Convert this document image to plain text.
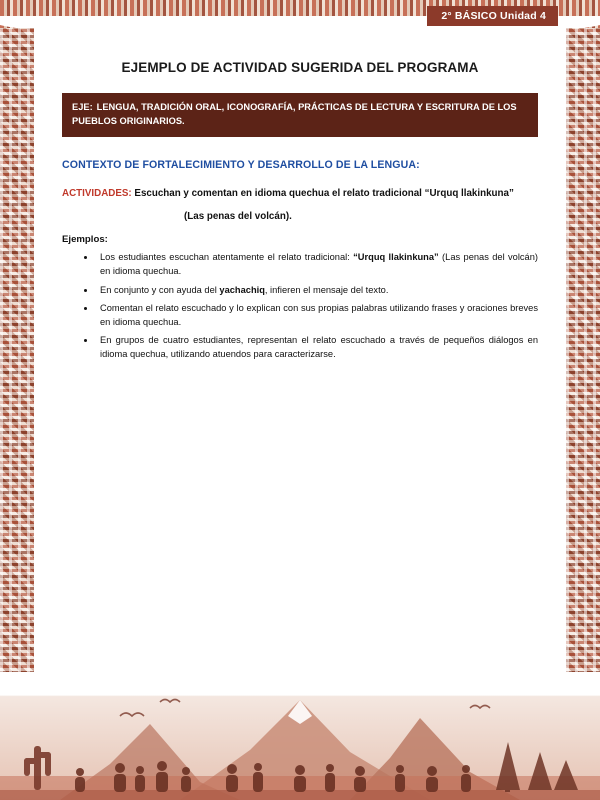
2° BÁSICO Unidad 4
EJEMPLO DE ACTIVIDAD SUGERIDA DEL PROGRAMA
EJE: LENGUA, TRADICIÓN ORAL, ICONOGRAFÍA, PRÁCTICAS DE LECTURA Y ESCRITURA DE LOS PUEBLOS ORIGINARIOS.
CONTEXTO DE FORTALECIMIENTO Y DESARROLLO DE LA LENGUA:

ACTIVIDADES: Escuchan y comentan en idioma quechua el relato tradicional “Urquq llakinkuna”

(Las penas del volcán).

Ejemplos:

• Los estudiantes escuchan atentamente el relato tradicional: “Urquq llakinkuna” (Las penas del volcán) en idioma quechua.
• En conjunto y con ayuda del yachachiq, infieren el mensaje del texto.
• Comentan el relato escuchado y lo explican con sus propias palabras utilizando frases y oraciones breves en idioma quechua.
• En grupos de cuatro estudiantes, representan el relato escuchado a través de pequeños diálogos en idioma quechua, utilizando atuendos para caracterizarse.
